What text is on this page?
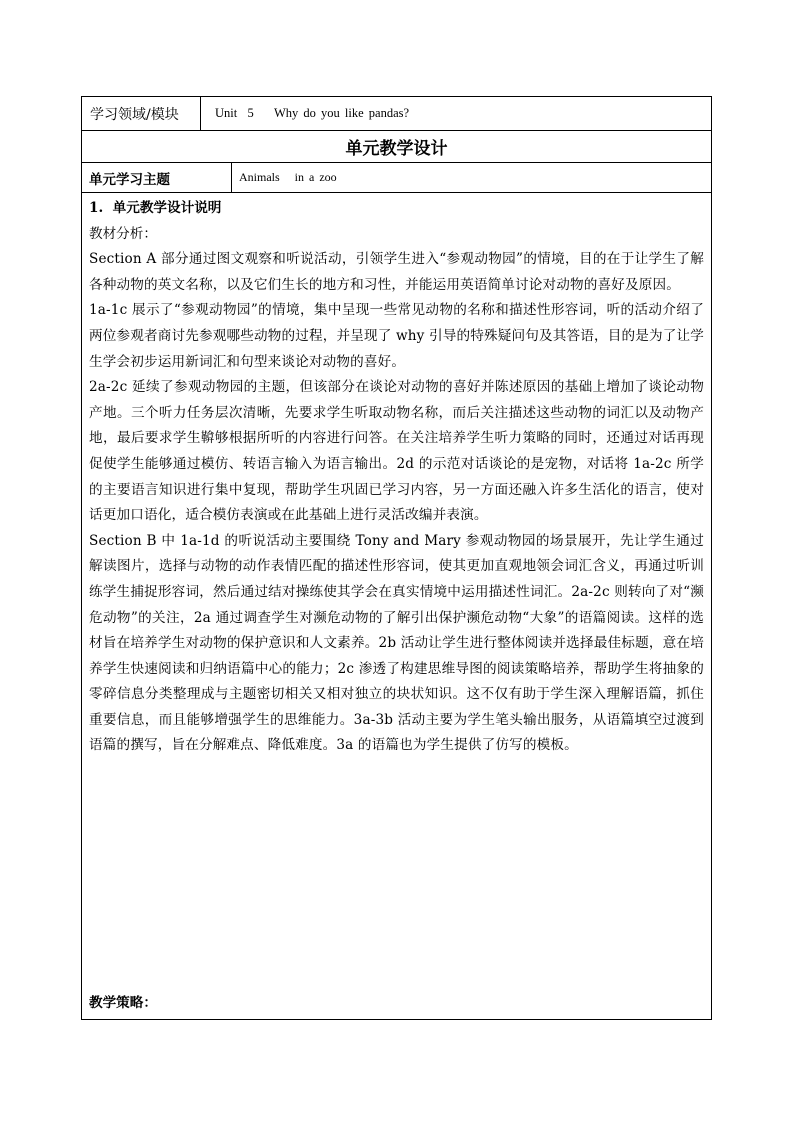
学习领域/模块	Unit  5    Why do you like pandas?
单元教学设计
单元学习主题	Animals   in a zoo

1.  单元教学设计说明

教材分析：

Section A 部分通过图文观察和听说活动，引领学生进入“参观动物园”的情境，目的在于让学生了解各种动物的英文名称，以及它们生长的地方和习性，并能运用英语简单讨论对动物的喜好及原因。

1a-1c 展示了“参观动物园”的情境，集中呈现一些常见动物的名称和描述性形容词，听的活动介绍了两位参观者商讨先参观哪些动物的过程，并呈现了 why 引导的特殊疑问句及其答语，目的是为了让学生学会初步运用新词汇和句型来谈论对动物的喜好。

2a-2c 延续了参观动物园的主题，但该部分在谈论对动物的喜好并陈述原因的基础上增加了谈论动物产地。三个听力任务层次清晰，先要求学生听取动物名称，而后关注描述这些动物的词汇以及动物产地，最后要求学生鞥够根据所听的内容进行问答。在关注培养学生听力策略的同时，还通过对话再现促使学生能够通过模仿、转语言输入为语言输出。2d 的示范对话谈论的是宠物，对话将 1a-2c 所学的主要语言知识进行集中复现，帮助学生巩固已学习内容，另一方面还融入许多生活化的语言，使对话更加口语化，适合模仿表演或在此基础上进行灵活改编并表演。

Section B 中 1a-1d 的听说活动主要围绕 Tony and Mary 参观动物园的场景展开，先让学生通过解读图片，选择与动物的动作表情匹配的描述性形容词，使其更加直观地领会词汇含义，再通过听训练学生捕捉形容词，然后通过结对操练使其学会在真实情境中运用描述性词汇。2a-2c 则转向了对“濒危动物”的关注，2a 通过调查学生对濒危动物的了解引出保护濒危动物“大象”的语篇阅读。这样的选材旨在培养学生对动物的保护意识和人文素养。2b 活动让学生进行整体阅读并选择最佳标题，意在培养学生快速阅读和归纳语篇中心的能力；2c 渗透了构建思维导图的阅读策略培养，帮助学生将抽象的零碎信息分类整理成与主题密切相关又相对独立的块状知识。这不仅有助于学生深入理解语篇，抓住重要信息，而且能够增强学生的思维能力。3a-3b 活动主要为学生笔头输出服务，从语篇填空过渡到语篇的撰写，旨在分解难点、降低难度。3a 的语篇也为学生提供了仿写的模板。

教学策略：
